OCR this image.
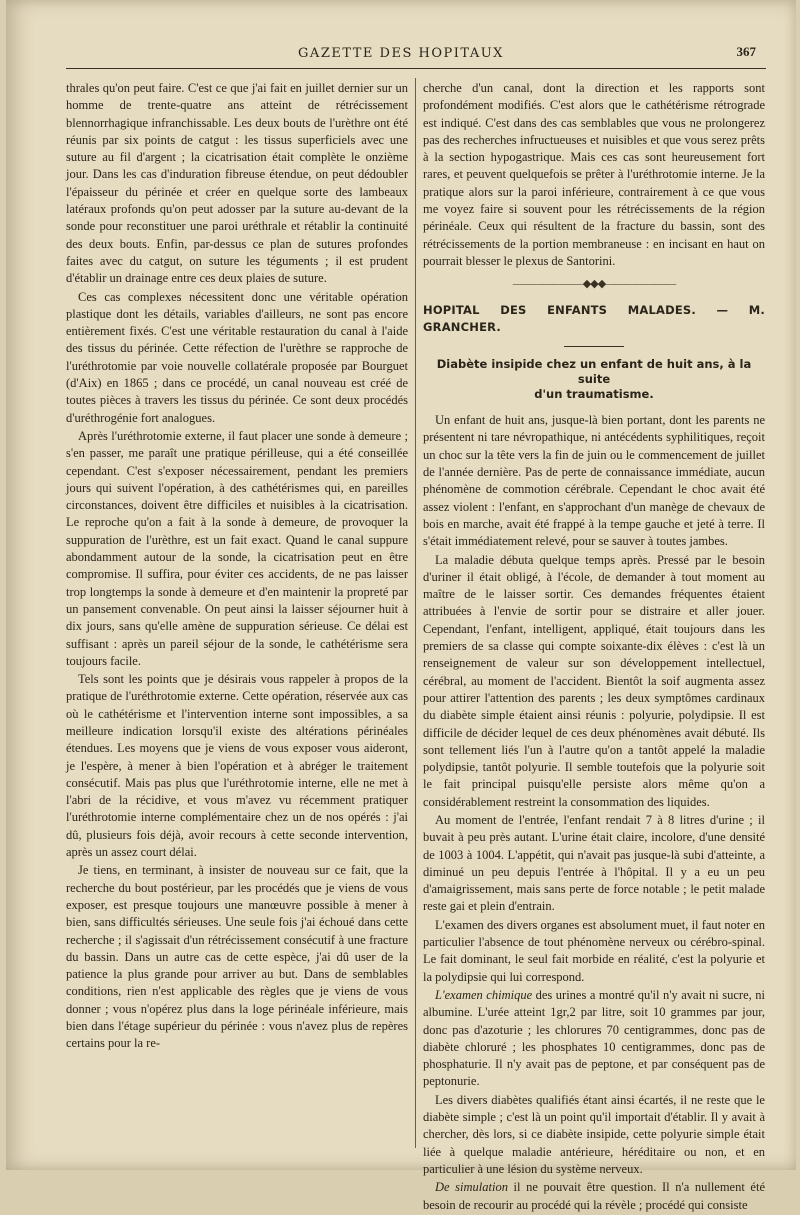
GAZETTE DES HOPITAUX	367

thrales qu'on peut faire. C'est ce que j'ai fait en juillet dernier sur un homme de trente-quatre ans atteint de rétrécissement blennorrhagique infranchissable. Les deux bouts de l'urèthre ont été réunis par six points de catgut : les tissus superficiels avec une suture au fil d'argent ; la cicatrisation était complète le onzième jour. Dans les cas d'induration fibreuse étendue, on peut dédoubler l'épaisseur du périnée et créer en quelque sorte des lambeaux latéraux profonds qu'on peut adosser par la suture au-devant de la sonde pour reconstituer une paroi uréthrale et rétablir la continuité des deux bouts. Enfin, par-dessus ce plan de sutures profondes faites avec du catgut, on suture les téguments ; il est prudent d'établir un drainage entre ces deux plaies de suture.

Ces cas complexes nécessitent donc une véritable opération plastique dont les détails, variables d'ailleurs, ne sont pas encore entièrement fixés. C'est une véritable restauration du canal à l'aide des tissus du périnée. Cette réfection de l'urèthre se rapproche de l'uréthrotomie par voie nouvelle collatérale proposée par Bourguet (d'Aix) en 1865 ; dans ce procédé, un canal nouveau est créé de toutes pièces à travers les tissus du périnée. Ce sont deux procédés d'uréthrogénie fort analogues.

Après l'uréthrotomie externe, il faut placer une sonde à demeure ; s'en passer, me paraît une pratique périlleuse, qui a été conseillée cependant. C'est s'exposer nécessairement, pendant les premiers jours qui suivent l'opération, à des cathétérismes qui, en pareilles circonstances, doivent être difficiles et nuisibles à la cicatrisation. Le reproche qu'on a fait à la sonde à demeure, de provoquer la suppuration de l'urèthre, est un fait exact. Quand le canal suppure abondamment autour de la sonde, la cicatrisation peut en être compromise. Il suffira, pour éviter ces accidents, de ne pas laisser trop longtemps la sonde à demeure et d'en maintenir la propreté par un pansement convenable. On peut ainsi la laisser séjourner huit à dix jours, sans qu'elle amène de suppuration sérieuse. Ce délai est suffisant : après un pareil séjour de la sonde, le cathétérisme sera toujours facile.

Tels sont les points que je désirais vous rappeler à propos de la pratique de l'uréthrotomie externe. Cette opération, réservée aux cas où le cathétérisme et l'intervention interne sont impossibles, a sa meilleure indication lorsqu'il existe des altérations périnéales étendues. Les moyens que je viens de vous exposer vous aideront, je l'espère, à mener à bien l'opération et à abréger le traitement consécutif. Mais pas plus que l'uréthrotomie interne, elle ne met à l'abri de la récidive, et vous m'avez vu récemment pratiquer l'uréthrotomie interne complémentaire chez un de nos opérés : j'ai dû, plusieurs fois déjà, avoir recours à cette seconde intervention, après un assez court délai.

Je tiens, en terminant, à insister de nouveau sur ce fait, que la recherche du bout postérieur, par les procédés que je viens de vous exposer, est presque toujours une manœuvre possible à mener à bien, sans difficultés sérieuses. Une seule fois j'ai échoué dans cette recherche ; il s'agissait d'un rétrécissement consécutif à une fracture du bassin. Dans un autre cas de cette espèce, j'ai dû user de la patience la plus grande pour arriver au but. Dans de semblables conditions, rien n'est applicable des règles que je viens de vous donner ; vous n'opérez plus dans la loge périnéale inférieure, mais bien dans l'étage supérieur du périnée : vous n'avez plus de repères certains pour la re-

cherche d'un canal, dont la direction et les rapports sont profondément modifiés. C'est alors que le cathétérisme rétrograde est indiqué. C'est dans des cas semblables que vous ne prolongerez pas des recherches infructueuses et nuisibles et que vous serez prêts à la section hypogastrique. Mais ces cas sont heureusement fort rares, et peuvent quelquefois se prêter à l'uréthrotomie interne. Je la pratique alors sur la paroi inférieure, contrairement à ce que vous me voyez faire si souvent pour les rétrécissements de la région périnéale. Ceux qui résultent de la fracture du bassin, sont des rétrécissements de la portion membraneuse : en incisant en haut on pourrait blesser le plexus de Santorini.

———————◆◆◆———————
HOPITAL DES ENFANTS MALADES. — M. GRANCHER.
Diabète insipide chez un enfant de huit ans, à la suite
d'un traumatisme.

Un enfant de huit ans, jusque-là bien portant, dont les parents ne présentent ni tare névropathique, ni antécédents syphilitiques, reçoit un choc sur la tête vers la fin de juin ou le commencement de juillet de l'année dernière. Pas de perte de connaissance immédiate, aucun phénomène de commotion cérébrale. Cependant le choc avait été assez violent : l'enfant, en s'approchant d'un manège de chevaux de bois en marche, avait été frappé à la tempe gauche et jeté à terre. Il s'était immédiatement relevé, pour se sauver à toutes jambes.

La maladie débuta quelque temps après. Pressé par le besoin d'uriner il était obligé, à l'école, de demander à tout moment au maître de le laisser sortir. Ces demandes fréquentes étaient attribuées à l'envie de sortir pour se distraire et aller jouer. Cependant, l'enfant, intelligent, appliqué, était toujours dans les premiers de sa classe qui compte soixante-dix élèves : c'est là un renseignement de valeur sur son développement intellectuel, cérébral, au moment de l'accident. Bientôt la soif augmenta assez pour attirer l'attention des parents ; les deux symptômes cardinaux du diabète simple étaient ainsi réunis : polyurie, polydipsie. Il est difficile de décider lequel de ces deux phénomènes avait débuté. Ils sont tellement liés l'un à l'autre qu'on a tantôt appelé la maladie polydipsie, tantôt polyurie. Il semble toutefois que la polyurie soit le fait principal puisqu'elle persiste alors même qu'on a considérablement restreint la consommation des liquides.

Au moment de l'entrée, l'enfant rendait 7 à 8 litres d'urine ; il buvait à peu près autant. L'urine était claire, incolore, d'une densité de 1003 à 1004. L'appétit, qui n'avait pas jusque-là subi d'atteinte, a diminué un peu depuis l'entrée à l'hôpital. Il y a eu un peu d'amaigrissement, mais sans perte de force notable ; le petit malade reste gai et plein d'entrain.

L'examen des divers organes est absolument muet, il faut noter en particulier l'absence de tout phénomène nerveux ou cérébro-spinal. Le fait dominant, le seul fait morbide en réalité, c'est la polyurie et la polydipsie qui lui correspond.

L'examen chimique des urines a montré qu'il n'y avait ni sucre, ni albumine. L'urée atteint 1gr,2 par litre, soit 10 grammes par jour, donc pas d'azoturie ; les chlorures 70 centigrammes, donc pas de diabète chloruré ; les phosphates 10 centigrammes, donc pas de phosphaturie. Il n'y avait pas de peptone, et par conséquent pas de peptonurie.

Les divers diabètes qualifiés étant ainsi écartés, il ne reste que le diabète simple ; c'est là un point qu'il importait d'établir. Il y avait à chercher, dès lors, si ce diabète insipide, cette polyurie simple était liée à quelque maladie antérieure, héréditaire ou non, et en particulier à une lésion du système nerveux.

De simulation il ne pouvait être question. Il n'a nullement été besoin de recourir au procédé qui la révèle ; procédé qui consiste
